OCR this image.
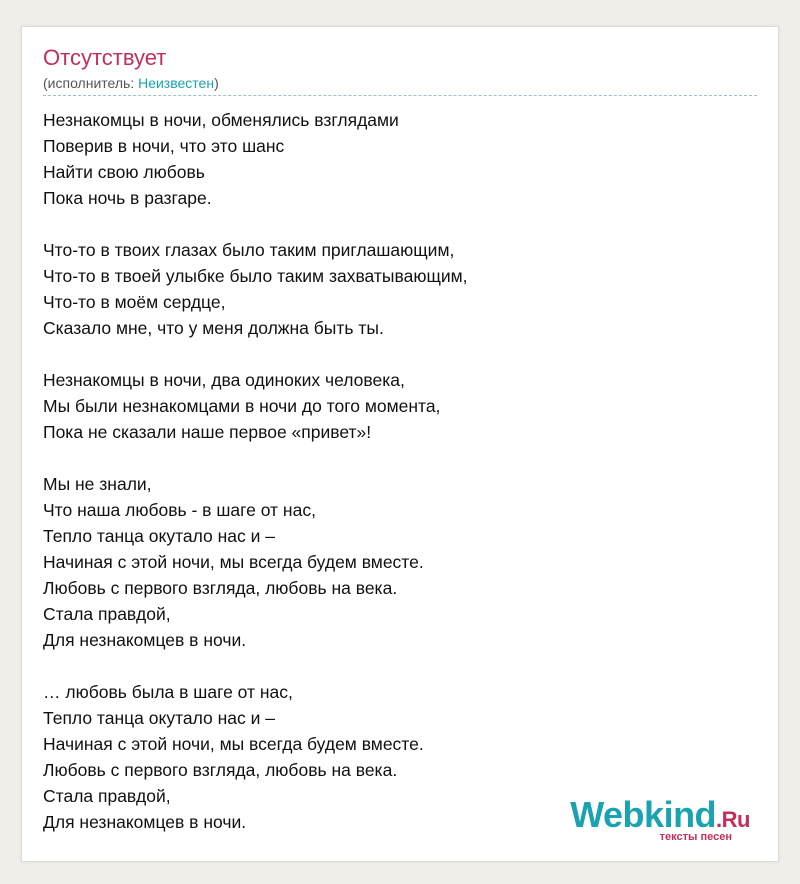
Отсутствует
(исполнитель: Неизвестен)
Незнакомцы в ночи, обменялись взглядами
Поверив в ночи, что это шанс
Найти свою любовь
Пока ночь в разгаре.
Что-то в твоих глазах было таким приглашающим,
Что-то в твоей улыбке было таким захватывающим,
Что-то в моём сердце,
Сказало мне, что у меня должна быть ты.
Незнакомцы в ночи, два одиноких человека,
Мы были незнакомцами в ночи до того момента,
Пока не сказали наше первое «привет»!
Мы не знали,
Что наша любовь - в шаге от нас,
Тепло танца окутало нас и –
Начиная с этой ночи, мы всегда будем вместе.
Любовь с первого взгляда, любовь на века.
Стала правдой,
Для незнакомцев в ночи.
… любовь была в шаге от нас,
Тепло танца окутало нас и –
Начиная с этой ночи, мы всегда будем вместе.
Любовь с первого взгляда, любовь на века.
Стала правдой,
Для незнакомцев в ночи.	Webkind.Ru
тексты песен
